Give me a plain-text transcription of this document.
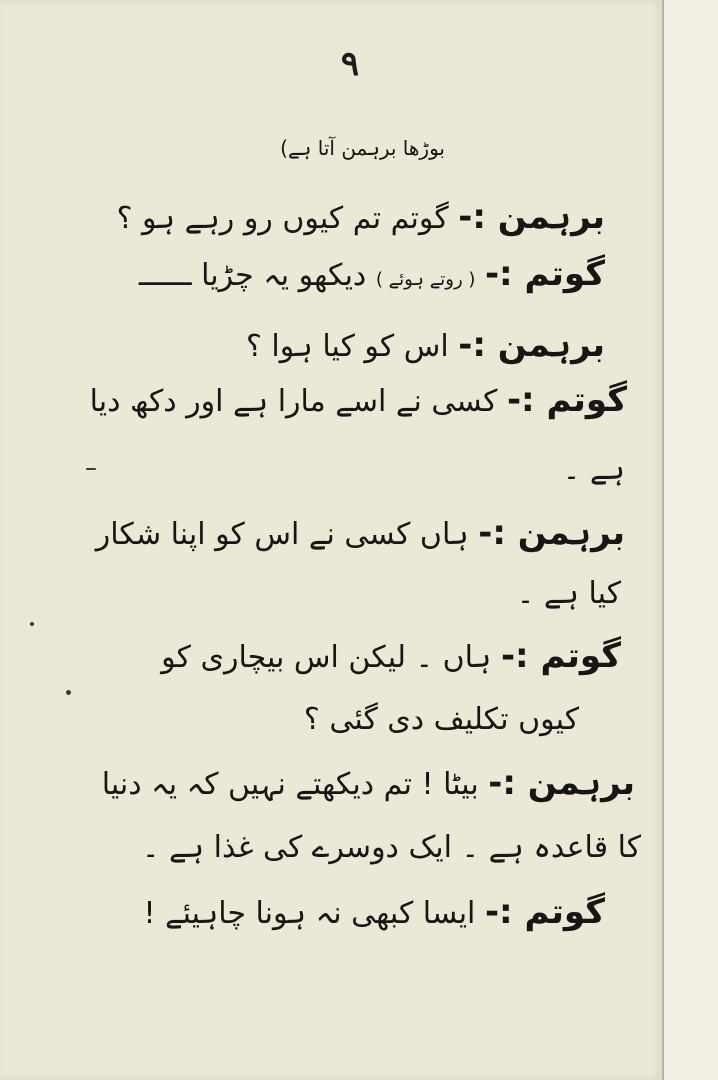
۹
بوڑھا برہمن آتا ہے)
برہمن :- گوتم تم کیوں رو رہے ہو ؟
گوتم :- ( روتے ہوئے ) دیکھو یہ چڑیا ــــــ
برہمن :- اس کو کیا ہوا ؟
گوتم :- کسی نے اسے مارا ہے اور دکھ دیا
ہے ۔
برہمن :- ہاں کسی نے اس کو اپنا شکار
کیا ہے ۔
گوتم :- ہاں ۔ لیکن اس بیچاری کو
کیوں تکلیف دی گئی ؟
برہمن :- بیٹا ! تم دیکھتے نہیں کہ یہ دنیا
کا قاعدہ ہے ۔ ایک دوسرے کی غذا ہے ۔
گوتم :- ایسا کبھی نہ ہونا چاہیئے !
